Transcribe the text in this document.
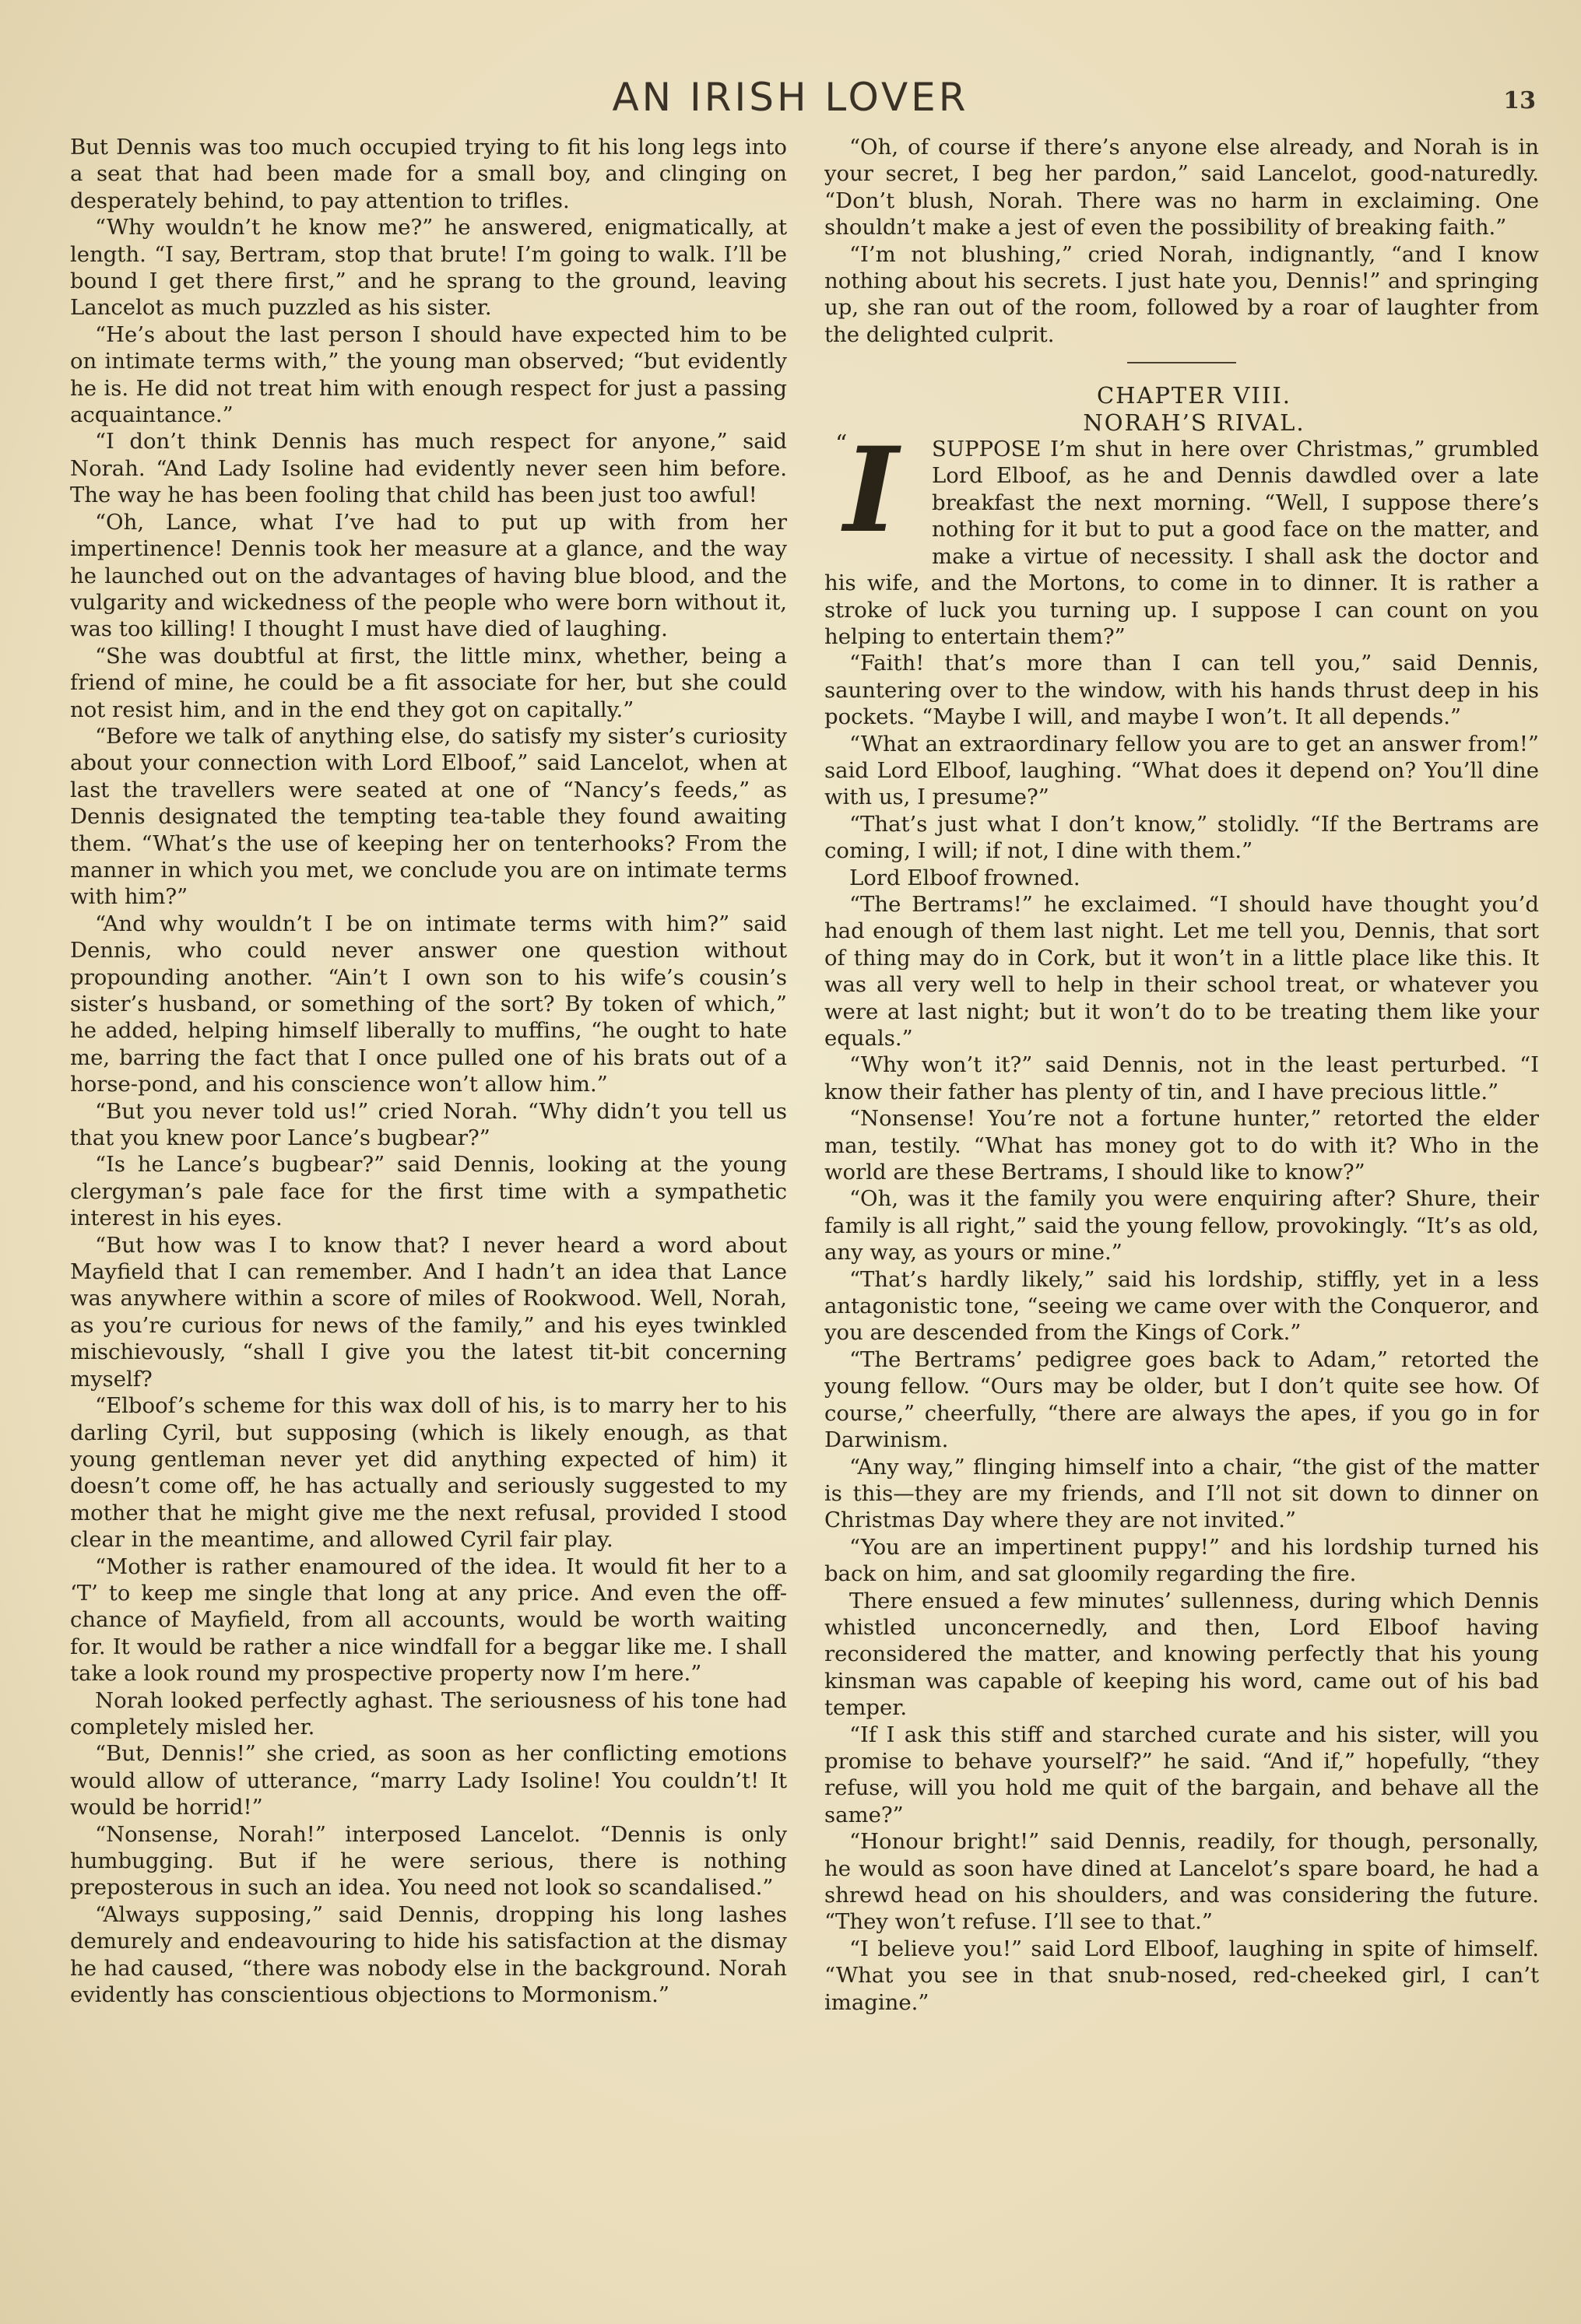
AN IRISH LOVER	13

But Dennis was too much occupied trying to fit his long legs into a seat that had been made for a small boy, and clinging on desperately behind, to pay attention to trifles.

“Why wouldn’t he know me?” he answered, enigmatically, at length. “I say, Bertram, stop that brute! I’m going to walk. I’ll be bound I get there first,” and he sprang to the ground, leaving Lancelot as much puzzled as his sister.

“He’s about the last person I should have expected him to be on intimate terms with,” the young man observed; “but evidently he is. He did not treat him with enough respect for just a passing acquaintance.”

“I don’t think Dennis has much respect for anyone,” said Norah. “And Lady Isoline had evidently never seen him before. The way he has been fooling that child has been just too awful!

“Oh, Lance, what I’ve had to put up with from her impertinence! Dennis took her measure at a glance, and the way he launched out on the advantages of having blue blood, and the vulgarity and wickedness of the people who were born without it, was too killing! I thought I must have died of laughing.

“She was doubtful at first, the little minx, whether, being a friend of mine, he could be a fit associate for her, but she could not resist him, and in the end they got on capitally.”

“Before we talk of anything else, do satisfy my sister’s curiosity about your connection with Lord Elboof,” said Lancelot, when at last the travellers were seated at one of “Nancy’s feeds,” as Dennis designated the tempting tea-table they found awaiting them. “What’s the use of keeping her on tenterhooks? From the manner in which you met, we conclude you are on intimate terms with him?”

“And why wouldn’t I be on intimate terms with him?” said Dennis, who could never answer one question without propounding another. “Ain’t I own son to his wife’s cousin’s sister’s husband, or something of the sort? By token of which,” he added, helping himself liberally to muffins, “he ought to hate me, barring the fact that I once pulled one of his brats out of a horse-pond, and his conscience won’t allow him.”

“But you never told us!” cried Norah. “Why didn’t you tell us that you knew poor Lance’s bugbear?”

“Is he Lance’s bugbear?” said Dennis, looking at the young clergyman’s pale face for the first time with a sympathetic interest in his eyes.

“But how was I to know that? I never heard a word about Mayfield that I can remember. And I hadn’t an idea that Lance was anywhere within a score of miles of Rookwood. Well, Norah, as you’re curious for news of the family,” and his eyes twinkled mischievously, “shall I give you the latest tit-bit concerning myself?

“Elboof’s scheme for this wax doll of his, is to marry her to his darling Cyril, but supposing (which is likely enough, as that young gentleman never yet did anything expected of him) it doesn’t come off, he has actually and seriously suggested to my mother that he might give me the next refusal, provided I stood clear in the meantime, and allowed Cyril fair play.

“Mother is rather enamoured of the idea. It would fit her to a ‘T’ to keep me single that long at any price. And even the off-chance of Mayfield, from all accounts, would be worth waiting for. It would be rather a nice windfall for a beggar like me. I shall take a look round my prospective property now I’m here.”

Norah looked perfectly aghast. The seriousness of his tone had completely misled her.

“But, Dennis!” she cried, as soon as her conflicting emotions would allow of utterance, “marry Lady Isoline! You couldn’t! It would be horrid!”

“Nonsense, Norah!” interposed Lancelot. “Dennis is only humbugging. But if he were serious, there is nothing preposterous in such an idea. You need not look so scandalised.”

“Always supposing,” said Dennis, dropping his long lashes demurely and endeavouring to hide his satisfaction at the dismay he had caused, “there was nobody else in the background. Norah evidently has conscientious objections to Mormonism.”

“Oh, of course if there’s anyone else already, and Norah is in your secret, I beg her pardon,” said Lancelot, good-naturedly. “Don’t blush, Norah. There was no harm in exclaiming. One shouldn’t make a jest of even the possibility of breaking faith.”

“I’m not blushing,” cried Norah, indignantly, “and I know nothing about his secrets. I just hate you, Dennis!” and springing up, she ran out of the room, followed by a roar of laughter from the delighted culprit.

CHAPTER VIII.

NORAH’S RIVAL.

“
I	SUPPOSE I’m shut in here over Christmas,” grumbled Lord Elboof, as he and Dennis dawdled over a late breakfast the next morning. “Well, I suppose there’s nothing for it but to put a good face on the matter, and make a virtue of necessity. I shall ask the doctor and his wife, and the Mortons, to come in to dinner. It is rather a stroke of luck you turning up. I suppose I can count on you helping to entertain them?”

“Faith! that’s more than I can tell you,” said Dennis, sauntering over to the window, with his hands thrust deep in his pockets. “Maybe I will, and maybe I won’t. It all depends.”

“What an extraordinary fellow you are to get an answer from!” said Lord Elboof, laughing. “What does it depend on? You’ll dine with us, I presume?”

“That’s just what I don’t know,” stolidly. “If the Bertrams are coming, I will; if not, I dine with them.”

Lord Elboof frowned.

“The Bertrams!” he exclaimed. “I should have thought you’d had enough of them last night. Let me tell you, Dennis, that sort of thing may do in Cork, but it won’t in a little place like this. It was all very well to help in their school treat, or whatever you were at last night; but it won’t do to be treating them like your equals.”

“Why won’t it?” said Dennis, not in the least perturbed. “I know their father has plenty of tin, and I have precious little.”

“Nonsense! You’re not a fortune hunter,” retorted the elder man, testily. “What has money got to do with it? Who in the world are these Bertrams, I should like to know?”

“Oh, was it the family you were enquiring after? Shure, their family is all right,” said the young fellow, provokingly. “It’s as old, any way, as yours or mine.”

“That’s hardly likely,” said his lordship, stiffly, yet in a less antagonistic tone, “seeing we came over with the Conqueror, and you are descended from the Kings of Cork.”

“The Bertrams’ pedigree goes back to Adam,” retorted the young fellow. “Ours may be older, but I don’t quite see how. Of course,” cheerfully, “there are always the apes, if you go in for Darwinism.

“Any way,” flinging himself into a chair, “the gist of the matter is this—they are my friends, and I’ll not sit down to dinner on Christmas Day where they are not invited.”

“You are an impertinent puppy!” and his lordship turned his back on him, and sat gloomily regarding the fire.

There ensued a few minutes’ sullenness, during which Dennis whistled unconcernedly, and then, Lord Elboof having reconsidered the matter, and knowing perfectly that his young kinsman was capable of keeping his word, came out of his bad temper.

“If I ask this stiff and starched curate and his sister, will you promise to behave yourself?” he said. “And if,” hopefully, “they refuse, will you hold me quit of the bargain, and behave all the same?”

“Honour bright!” said Dennis, readily, for though, personally, he would as soon have dined at Lancelot’s spare board, he had a shrewd head on his shoulders, and was considering the future. “They won’t refuse. I’ll see to that.”

“I believe you!” said Lord Elboof, laughing in spite of himself. “What you see in that snub-nosed, red-cheeked girl, I can’t imagine.”
